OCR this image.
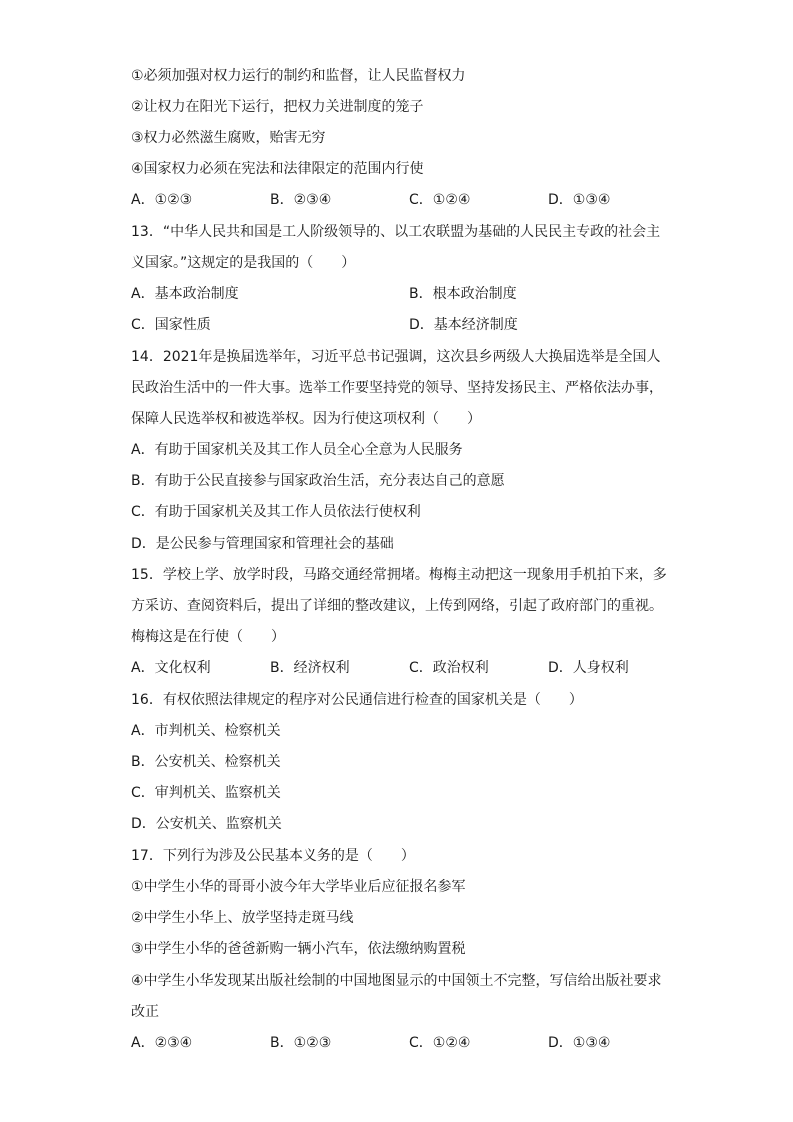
①必须加强对权力运行的制约和监督，让人民监督权力
②让权力在阳光下运行，把权力关进制度的笼子
③权力必然滋生腐败，贻害无穷
④国家权力必须在宪法和法律限定的范围内行使
A．①②③	B．②③④	C．①②④	D．①③④
13．“中华人民共和国是工人阶级领导的、以工农联盟为基础的人民民主专政的社会主
义国家。”这规定的是我国的（　　）
A．基本政治制度	B．根本政治制度
C．国家性质	D．基本经济制度
14．2021年是换届选举年，习近平总书记强调，这次县乡两级人大换届选举是全国人
民政治生活中的一件大事。选举工作要坚持党的领导、坚持发扬民主、严格依法办事，
保障人民选举权和被选举权。因为行使这项权利（　　）
A．有助于国家机关及其工作人员全心全意为人民服务
B．有助于公民直接参与国家政治生活，充分表达自己的意愿
C．有助于国家机关及其工作人员依法行使权利
D．是公民参与管理国家和管理社会的基础
15．学校上学、放学时段，马路交通经常拥堵。梅梅主动把这一现象用手机拍下来，多
方采访、查阅资料后，提出了详细的整改建议，上传到网络，引起了政府部门的重视。
梅梅这是在行使（　　）
A．文化权利	B．经济权利	C．政治权利	D．人身权利
16．有权依照法律规定的程序对公民通信进行检查的国家机关是（　　）
A．市判机关、检察机关
B．公安机关、检察机关
C．审判机关、监察机关
D．公安机关、监察机关
17．下列行为涉及公民基本义务的是（　　）
①中学生小华的哥哥小波今年大学毕业后应征报名参军
②中学生小华上、放学坚持走斑马线
③中学生小华的爸爸新购一辆小汽车，依法缴纳购置税
④中学生小华发现某出版社绘制的中国地图显示的中国领土不完整，写信给出版社要求
改正
A．②③④	B．①②③	C．①②④	D．①③④
